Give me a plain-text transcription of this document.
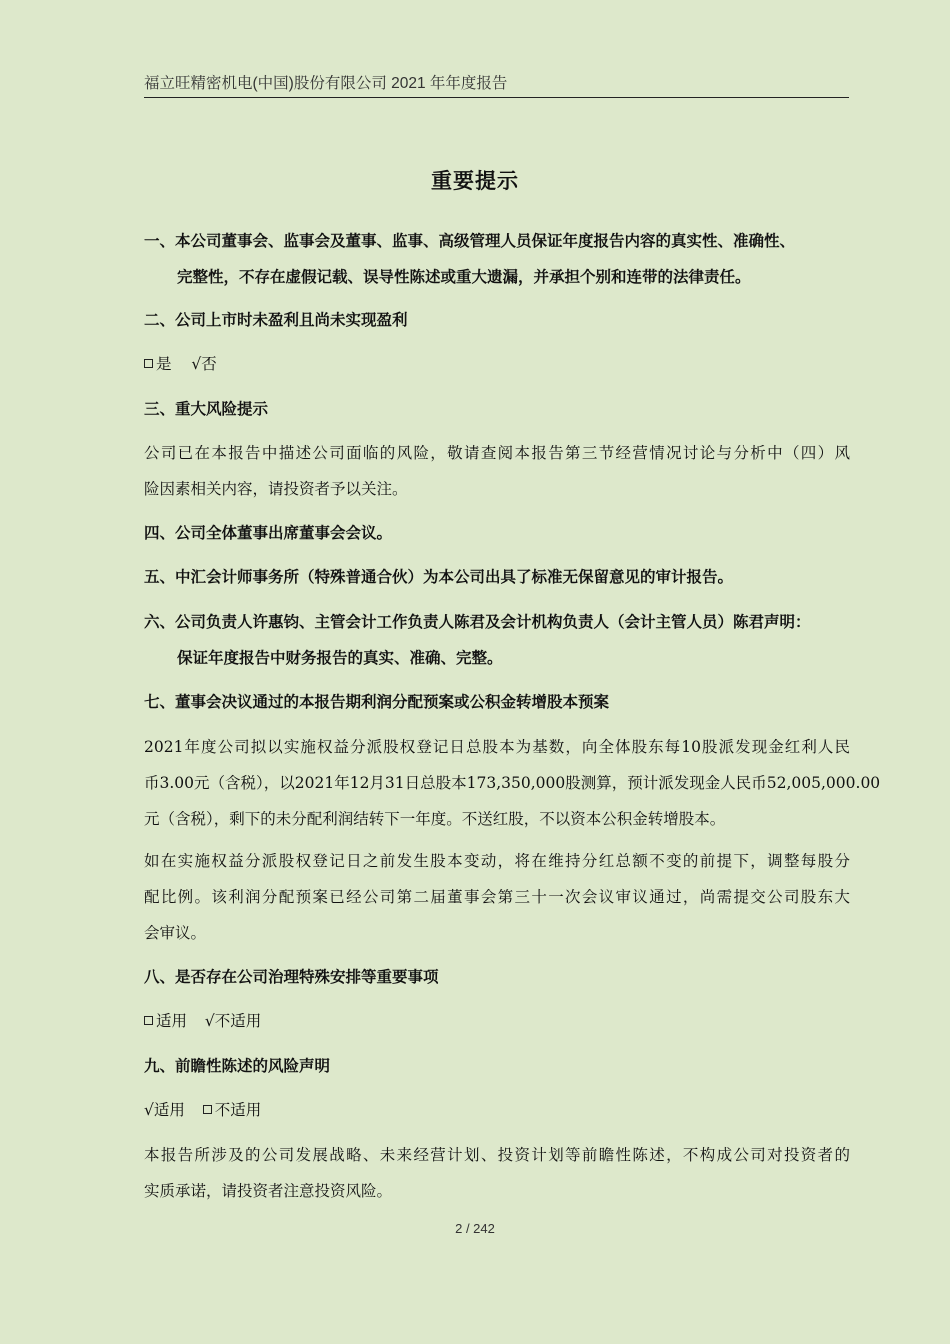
福立旺精密机电(中国)股份有限公司 2021 年年度报告
重要提示
一、本公司董事会、监事会及董事、监事、高级管理人员保证年度报告内容的真实性、准确性、
完整性，不存在虚假记载、误导性陈述或重大遗漏，并承担个别和连带的法律责任。
二、公司上市时未盈利且尚未实现盈利
是 √否
三、重大风险提示
公司已在本报告中描述公司面临的风险，敬请查阅本报告第三节经营情况讨论与分析中（四）风
险因素相关内容，请投资者予以关注。
四、公司全体董事出席董事会会议。
五、中汇会计师事务所（特殊普通合伙）为本公司出具了标准无保留意见的审计报告。
六、公司负责人许惠钧、主管会计工作负责人陈君及会计机构负责人（会计主管人员）陈君声明：
保证年度报告中财务报告的真实、准确、完整。
七、董事会决议通过的本报告期利润分配预案或公积金转增股本预案
2021年度公司拟以实施权益分派股权登记日总股本为基数，向全体股东每10股派发现金红利人民
币3.00元（含税），以2021年12月31日总股本173,350,000股测算，预计派发现金人民币52,005,000.00
元（含税），剩下的未分配利润结转下一年度。不送红股，不以资本公积金转增股本。
如在实施权益分派股权登记日之前发生股本变动，将在维持分红总额不变的前提下，调整每股分
配比例。该利润分配预案已经公司第二届董事会第三十一次会议审议通过，尚需提交公司股东大
会审议。
八、是否存在公司治理特殊安排等重要事项
适用 √不适用
九、前瞻性陈述的风险声明
√适用 不适用
本报告所涉及的公司发展战略、未来经营计划、投资计划等前瞻性陈述，不构成公司对投资者的
实质承诺，请投资者注意投资风险。
2 / 242
